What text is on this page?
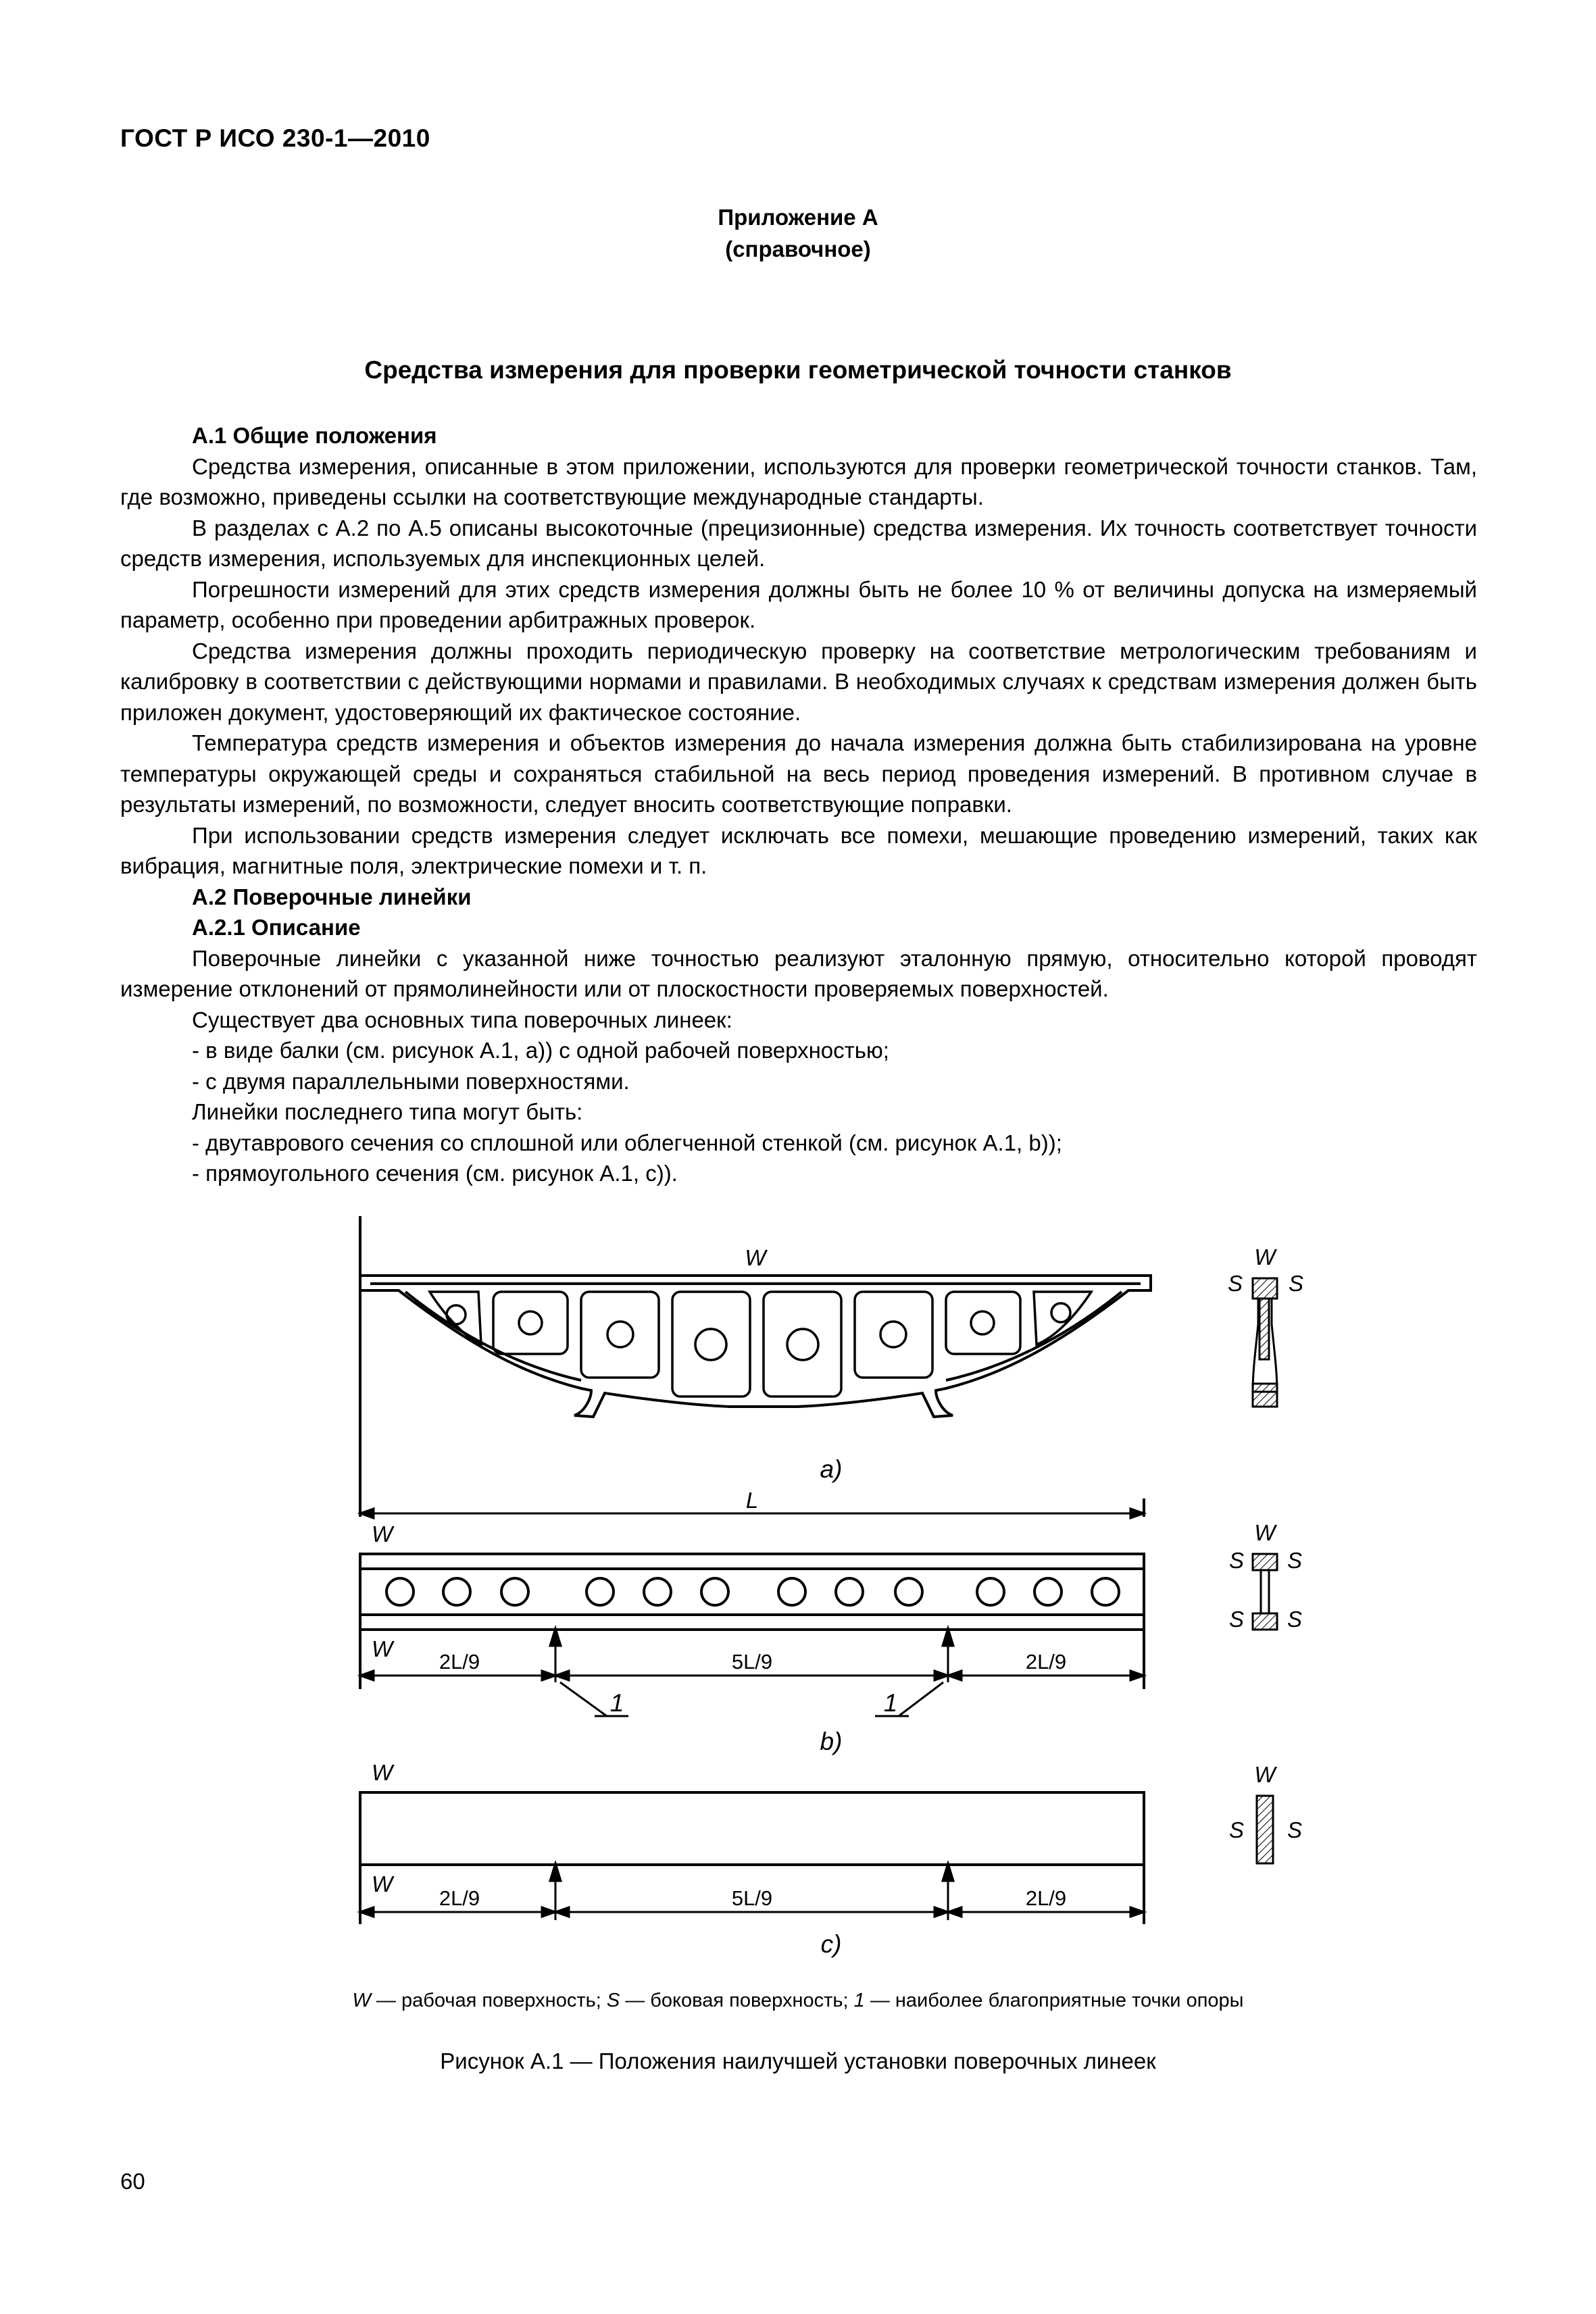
ГОСТ Р ИСО 230-1—2010
Приложение А
(справочное)
Средства измерения для проверки геометрической точности станков

А.1 Общие положения

Средства измерения, описанные в этом приложении, используются для проверки геометрической точности станков. Там, где возможно, приведены ссылки на соответствующие международные стандарты.

В разделах с А.2 по А.5 описаны высокоточные (прецизионные) средства измерения. Их точность соответствует точности средств измерения, используемых для инспекционных целей.

Погрешности измерений для этих средств измерения должны быть не более 10 % от величины допуска на измеряемый параметр, особенно при проведении арбитражных проверок.

Средства измерения должны проходить периодическую проверку на соответствие метрологическим требованиям и калибровку в соответствии с действующими нормами и правилами. В необходимых случаях к средствам измерения должен быть приложен документ, удостоверяющий их фактическое состояние.

Температура средств измерения и объектов измерения до начала измерения должна быть стабилизирована на уровне температуры окружающей среды и сохраняться стабильной на весь период проведения измерений. В противном случае в результаты измерений, по возможности, следует вносить соответствующие поправки.

При использовании средств измерения следует исключать все помехи, мешающие проведению измерений, таких как вибрация, магнитные поля, электрические помехи и т. п.

А.2 Поверочные линейки

А.2.1 Описание

Поверочные линейки с указанной ниже точностью реализуют эталонную прямую, относительно которой проводят измерение отклонений от прямолинейности или от плоскостности проверяемых поверхностей.

Существует два основных типа поверочных линеек:

- в виде балки (см. рисунок А.1, а)) с одной рабочей поверхностью;

- с двумя параллельными поверхностями.

Линейки последнего типа могут быть:

- двутаврового сечения со сплошной или облегченной стенкой (см. рисунок А.1, b));

- прямоугольного сечения (см. рисунок А.1, с)).

W	W
S S
a)
L
W
W
2L/9	5L/9	2L/9
1	1
W
S S
S S
b)
W
W
2L/9	5L/9	2L/9
W
S S
c)
W — рабочая поверхность; S — боковая поверхность; 1 — наиболее благоприятные точки опоры
Рисунок А.1 — Положения наилучшей установки поверочных линеек
60
